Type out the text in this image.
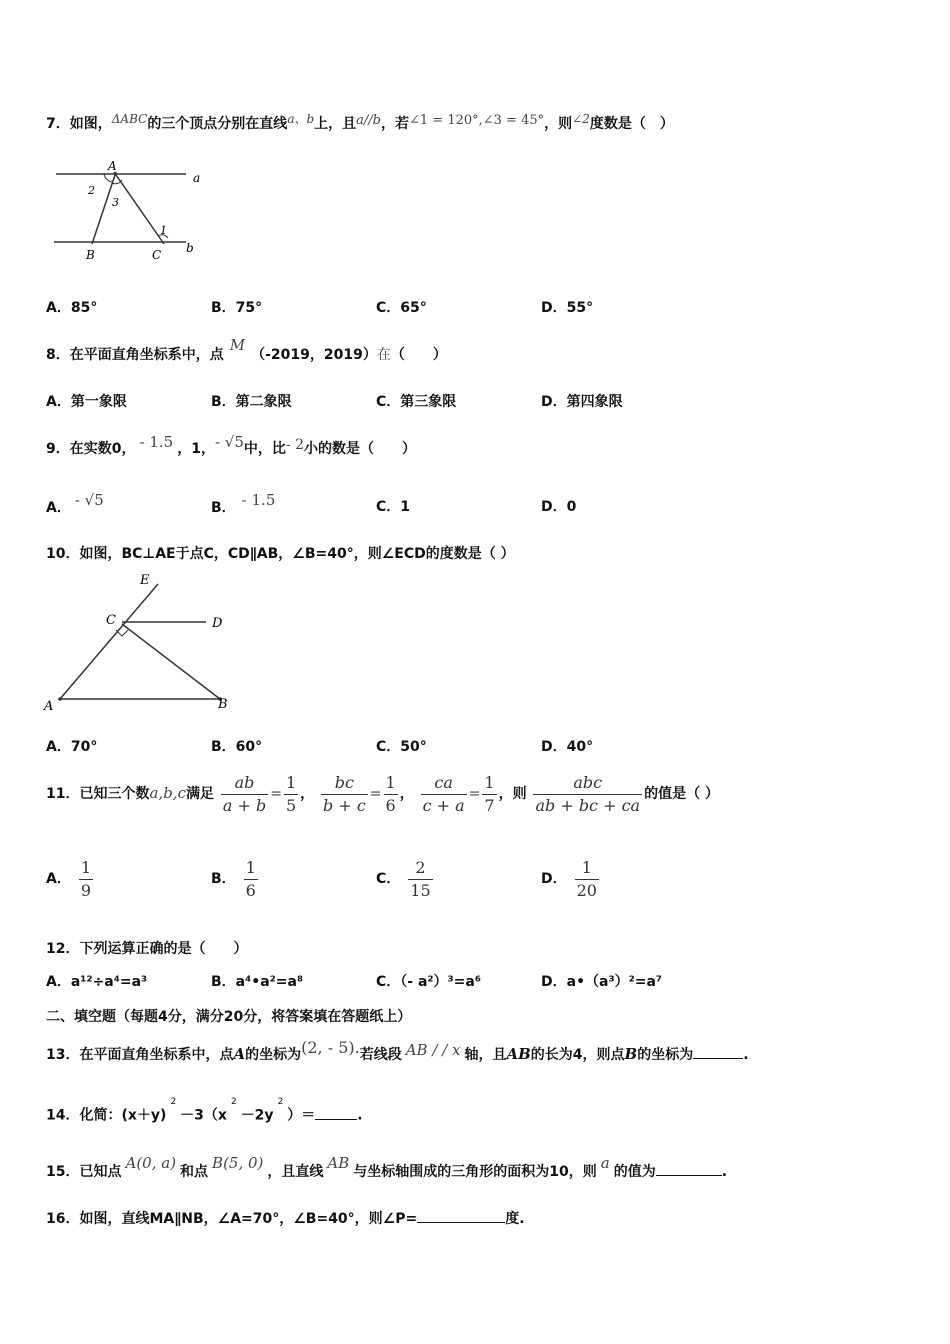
7．如图，ΔABC的三个顶点分别在直线a、b上，且a//b，若∠1 = 120°,∠3 = 45°，则∠2度数是（　）
A
B	C
a
b
2
3
1
A．85°	B．75°	C．65°	D．55°
8．在平面直角坐标系中，点M（-2019，2019）在（　　）
A．第一象限	B．第二象限	C．第三象限	D．第四象限
9．在实数0， - 1.5 ，1，- √5中，比- 2小的数是（　　）
A． - √5	B． - 1.5	C．1	D．0
10．如图，BC⊥AE于点C，CD∥AB，∠B=40°，则∠ECD的度数是（ ）
E
C	D
A	B
A．70°	B．60°	C．50°	D．40°
11．已知三个数a,b,c满足 $\frac{ab}{a + b} = \frac{1}{5}$ ， $\frac{bc}{b + c} = \frac{1}{6}$ ， $\frac{ca}{c + a} = \frac{1}{7}$ ，则 $\frac{\text{abc}}{ab + bc + ca}$ 的值是（ ）
A． $\frac{1}{9}$	B． $\frac{1}{6}$	C． $\frac{2}{15}$	D． $\frac{1}{20}$
12．下列运算正确的是（　　）
A．a¹²÷a⁴=a³	B．a⁴•a²=a⁸	C．（- a²）³=a⁶	D．a•（a³）²=a⁷
二、填空题（每题4分，满分20分，将答案填在答题纸上）
13．在平面直角坐标系中，点A的坐标为(2, - 5).若线段 AB / / x 轴，且AB的长为4，则点B的坐标为	.
14．化简：$(x+y)^2-3(x^2-2y^2)=$	.
15．已知点 A(0, a) 和点 B(5, 0) ，且直线 AB 与坐标轴围成的三角形的面积为10，则 a 的值为	.
16．如图，直线MA∥NB，∠A=70°，∠B=40°，则∠P=	度.
